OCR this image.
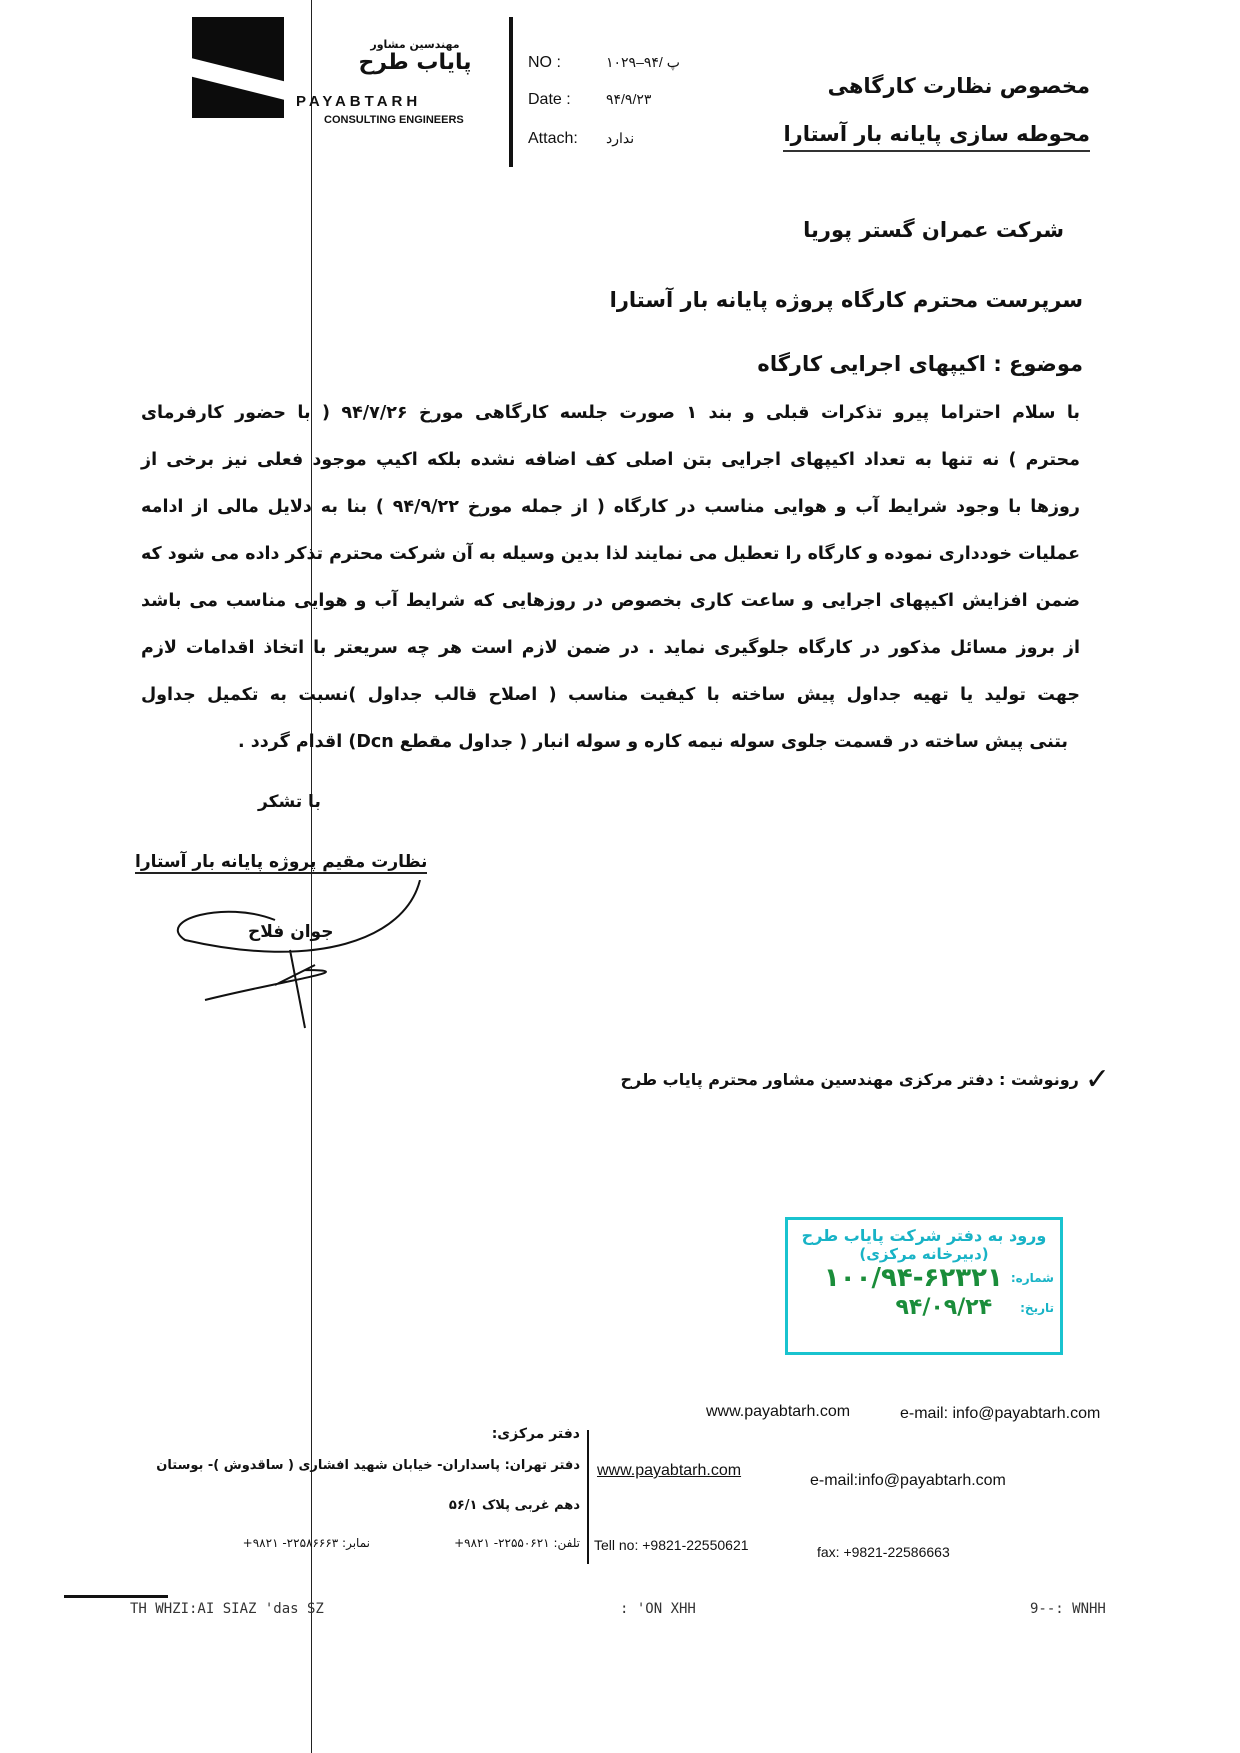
مهندسین مشاور
پایاب طرح
PAYABTARH
CONSULTING ENGINEERS
NO :	۱۰۲۹–۹۴/ پ
Date :	۹۴/۹/۲۳
Attach: ندارد
مخصوص نظارت کارگاهی
محوطه سازی پایانه بار آستارا
شرکت عمران گستر پوریا
سرپرست محترم کارگاه پروژه پایانه بار آستارا
موضوع : اکیپهای اجرایی کارگاه
با سلام احتراما پیرو تذکرات قبلی و بند ۱ صورت جلسه کارگاهی مورخ ۹۴/۷/۲۶ ( با حضور کارفرمای
محترم ) نه تنها به تعداد اکیپهای اجرایی بتن اصلی کف اضافه نشده بلکه اکیپ موجود فعلی نیز برخی از
روزها با وجود شرایط آب و هوایی مناسب در کارگاه ( از جمله مورخ ۹۴/۹/۲۲ ) بنا به دلایل مالی از ادامه
عملیات خودداری نموده و کارگاه را تعطیل می نمایند لذا بدین وسیله به آن شرکت محترم تذکر داده می شود که
ضمن افزایش اکیپهای اجرایی و ساعت کاری بخصوص در روزهایی که شرایط آب و هوایی مناسب می باشد
از بروز مسائل مذکور در کارگاه جلوگیری نماید . در ضمن لازم است هر چه سریعتر با اتخاذ اقدامات لازم
جهت تولید یا تهیه جداول پیش ساخته با کیفیت مناسب ( اصلاح قالب جداول )نسبت به تکمیل جداول
بتنی پیش ساخته در قسمت جلوی سوله نیمه کاره و سوله انبار ( جداول مقطع Dcn) اقدام گردد .
با تشکر
نظارت مقیم پروژه پایانه بار آستارا
جوان فلاح
✓
رونوشت : دفتر مرکزی مهندسین مشاور محترم پایاب طرح
ورود به دفتر شرکت پایاب طرح
(دبیرخانه مرکزی)
شماره:
۱۰۰/۹۴-۶۲۳۲۱
تاریخ:
۹۴/۰۹/۲۴
www.payabtarh.com	e-mail: info@payabtarh.com
دفتر مرکزی:
دفتر تهران: پاسداران- خیابان شهید افشاری ( ساقدوش )- بوستان
دهم غربی پلاک ۵۶/۱
www.payabtarh.com
e-mail:info@payabtarh.com
نمابر: ۲۲۵۸۶۶۶۳- ۹۸۲۱+	تلفن: ۲۲۵۵۰۶۲۱- ۹۸۲۱+ Tell no: +9821-22550621	fax: +9821-22586663
TH WHZI:AI SIAZ 'das SZ	: 'ON XHH	9--: WNHH
